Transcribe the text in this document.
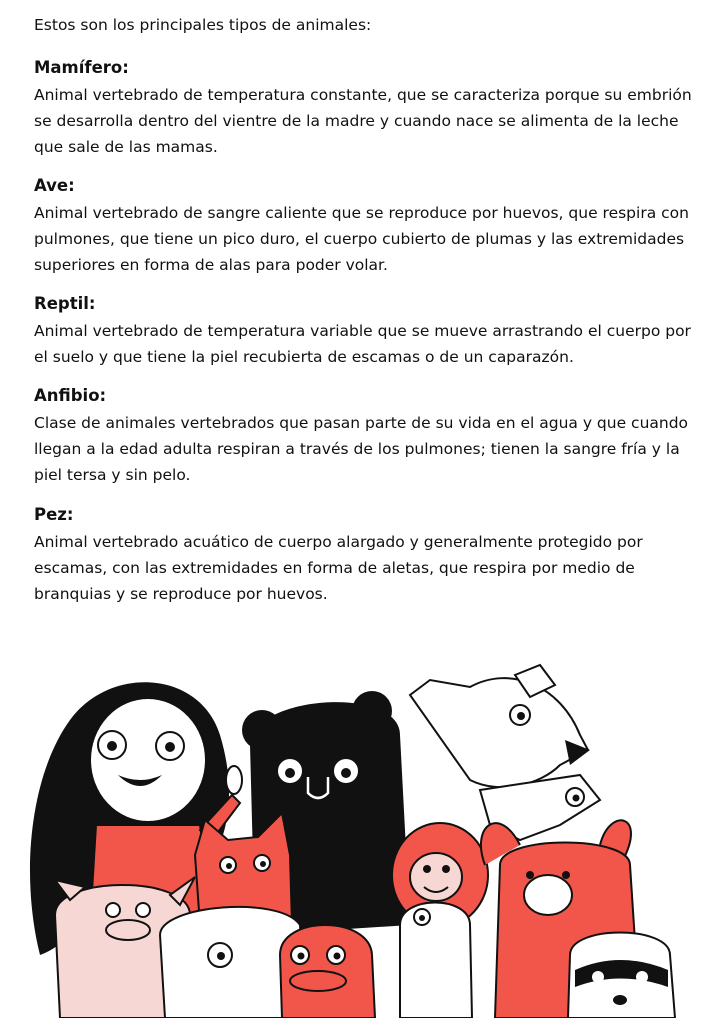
Estos son los principales tipos de animales:

Mamífero:

Animal vertebrado de temperatura constante, que se caracteriza porque su embrión se desarrolla dentro del vientre de la madre y cuando nace se alimenta de la leche que sale de las mamas.

Ave:

Animal vertebrado de sangre caliente que se reproduce por huevos, que respira con pulmones, que tiene un pico duro, el cuerpo cubierto de plumas y las extremidades superiores en forma de alas para poder volar.

Reptil:

Animal vertebrado de temperatura variable que se mueve arrastrando el cuerpo por el suelo y que tiene la piel recubierta de escamas o de un caparazón.

Anfibio:

Clase de animales vertebrados que pasan parte de su vida en el agua y que cuando llegan a la edad adulta respiran a través de los pulmones; tienen la sangre fría y la piel tersa y sin pelo.

Pez:

Animal vertebrado acuático de cuerpo alargado y generalmente protegido por escamas, con las extremidades en forma de aletas, que respira por medio de branquias y se reproduce por huevos.
